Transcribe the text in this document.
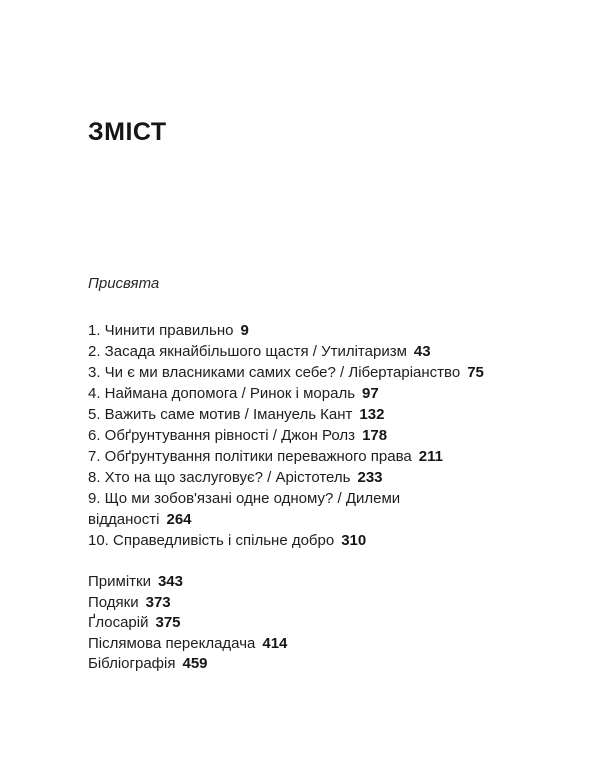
ЗМІСТ
Присвята
1. Чинити правильно 9
2. Засада якнайбільшого щастя / Утилітаризм 43
3. Чи є ми власниками самих себе? / Лібертаріанство 75
4. Наймана допомога / Ринок і мораль 97
5. Важить саме мотив / Іманyель Кант 132
6. Обґрунтування рівності / Джон Ролз 178
7. Обґрунтування політики переважного права 211
8. Хто на що заслуговує? / Арістотель 233
9. Що ми зобов'язані одне одному? / Дилеми відданості 264
10. Справедливість і спільне добро 310
Примітки 343
Подяки 373
Ґлосарій 375
Післямова перекладача 414
Бібліографія 459
